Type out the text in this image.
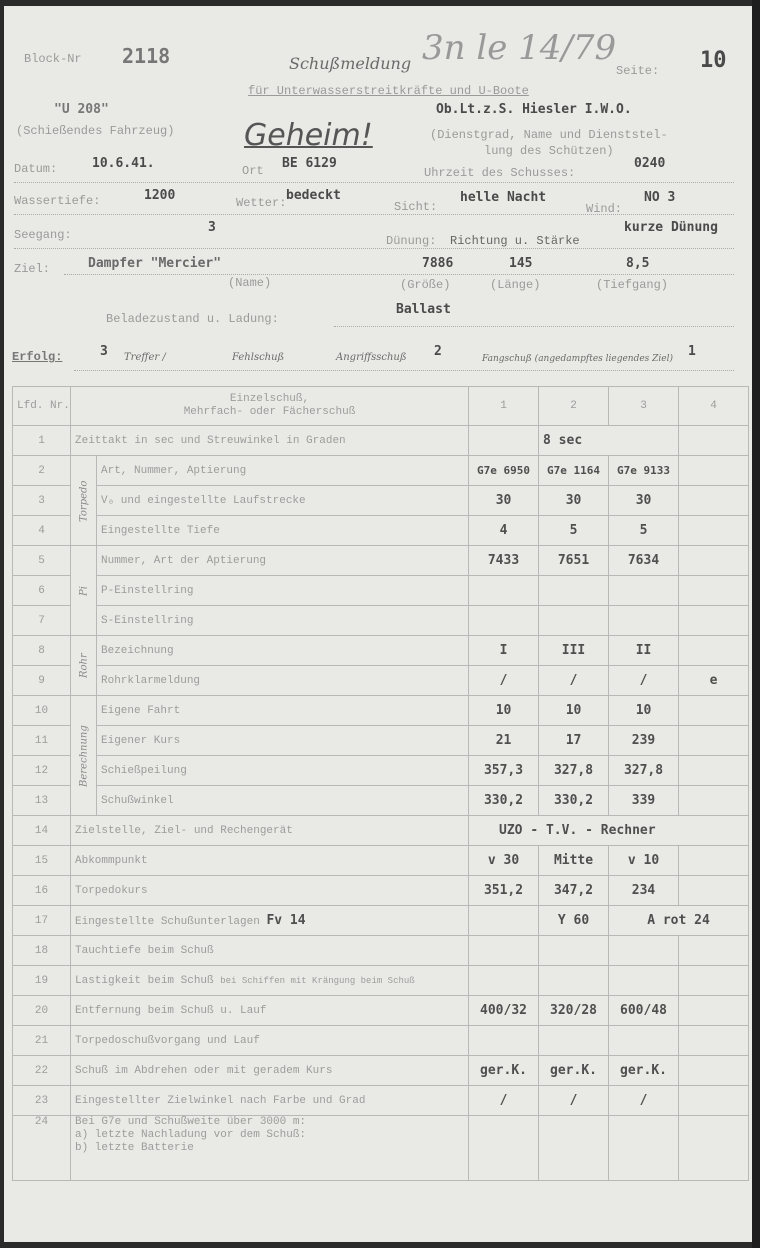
Block-Nr 2118	Schußmeldung 3n le 14/79
Seite: 10
für Unterwasserstreitkräfte und U-Boote
"U 208"
(Schießendes Fahrzeug) Geheim!
Ob.Lt.z.S. Hiesler I.W.O.
(Dienstgrad, Name und Dienststel-
lung des Schützen)
Datum:	10.6.41.	Ort BE 6129
Uhrzeit des Schusses:
0240
Wassertiefe:	1200	Wetter: bedeckt
Sicht:
helle Nacht
Wind:
NO 3
Seegang:	3
Dünung: Richtung u. Stärke
kurze Dünung
Ziel:	Dampfer "Mercier"	7886	145	8,5
(Name)	(Größe)	(Länge)	(Tiefgang)
Beladezustand u. Ladung:
Ballast
Erfolg:	3 Treffer /	Fehlschuß	Angriffsschuß 2	Fangschuß (angedampftes liegendes Ziel) 1
Lfd. Nr.	Einzelschuß,
Mehrfach- oder Fächerschuß		1	2	3	4
1	Zeittakt in sec und Streuwinkel in Graden			8 sec		
2	Torpedo	Art, Nummer, Aptierung	G7e 6950	G7e 1164	G7e 9133	
3		V₀ und eingestellte Laufstrecke	30	30	30	
4		Eingestellte Tiefe	4	5	5	
5	Pi	Nummer, Art der Aptierung	7433	7651	7634	
6		P-Einstellring				
7		S-Einstellring				
8	Rohr	Bezeichnung	I	III	II	
9		Rohrklarmeldung	/	/	/	e
10	Berechnung	Eigene Fahrt	10	10	10	
11		Eigener Kurs	21	17	239	
12		Schießpeilung	357,3	327,8	327,8	
13		Schußwinkel	330,2	330,2	339	
14	Zielstelle, Ziel- und Rechengerät		UZO - T.V. - Rechner			
15	Abkommpunkt		v 30	Mitte	v 10	
16	Torpedokurs		351,2	347,2	234	
17	Eingestellte Schußunterlagen Fv 14			Y 60	A rot 24	
18	Tauchtiefe beim Schuß					
19	Lastigkeit beim Schuß bei Schiffen mit Krängung beim Schuß					
20	Entfernung beim Schuß u. Lauf		400/32	320/28	600/48	
21	Torpedoschußvorgang und Lauf					
22	Schuß im Abdrehen oder mit geradem Kurs		ger.K.	ger.K.	ger.K.	
23	Eingestellter Zielwinkel nach Farbe und Grad		/	/	/	
24	Bei G7e und Schußweite über 3000 m:
a) letzte Nachladung vor dem Schuß:
b) letzte Batterie					
